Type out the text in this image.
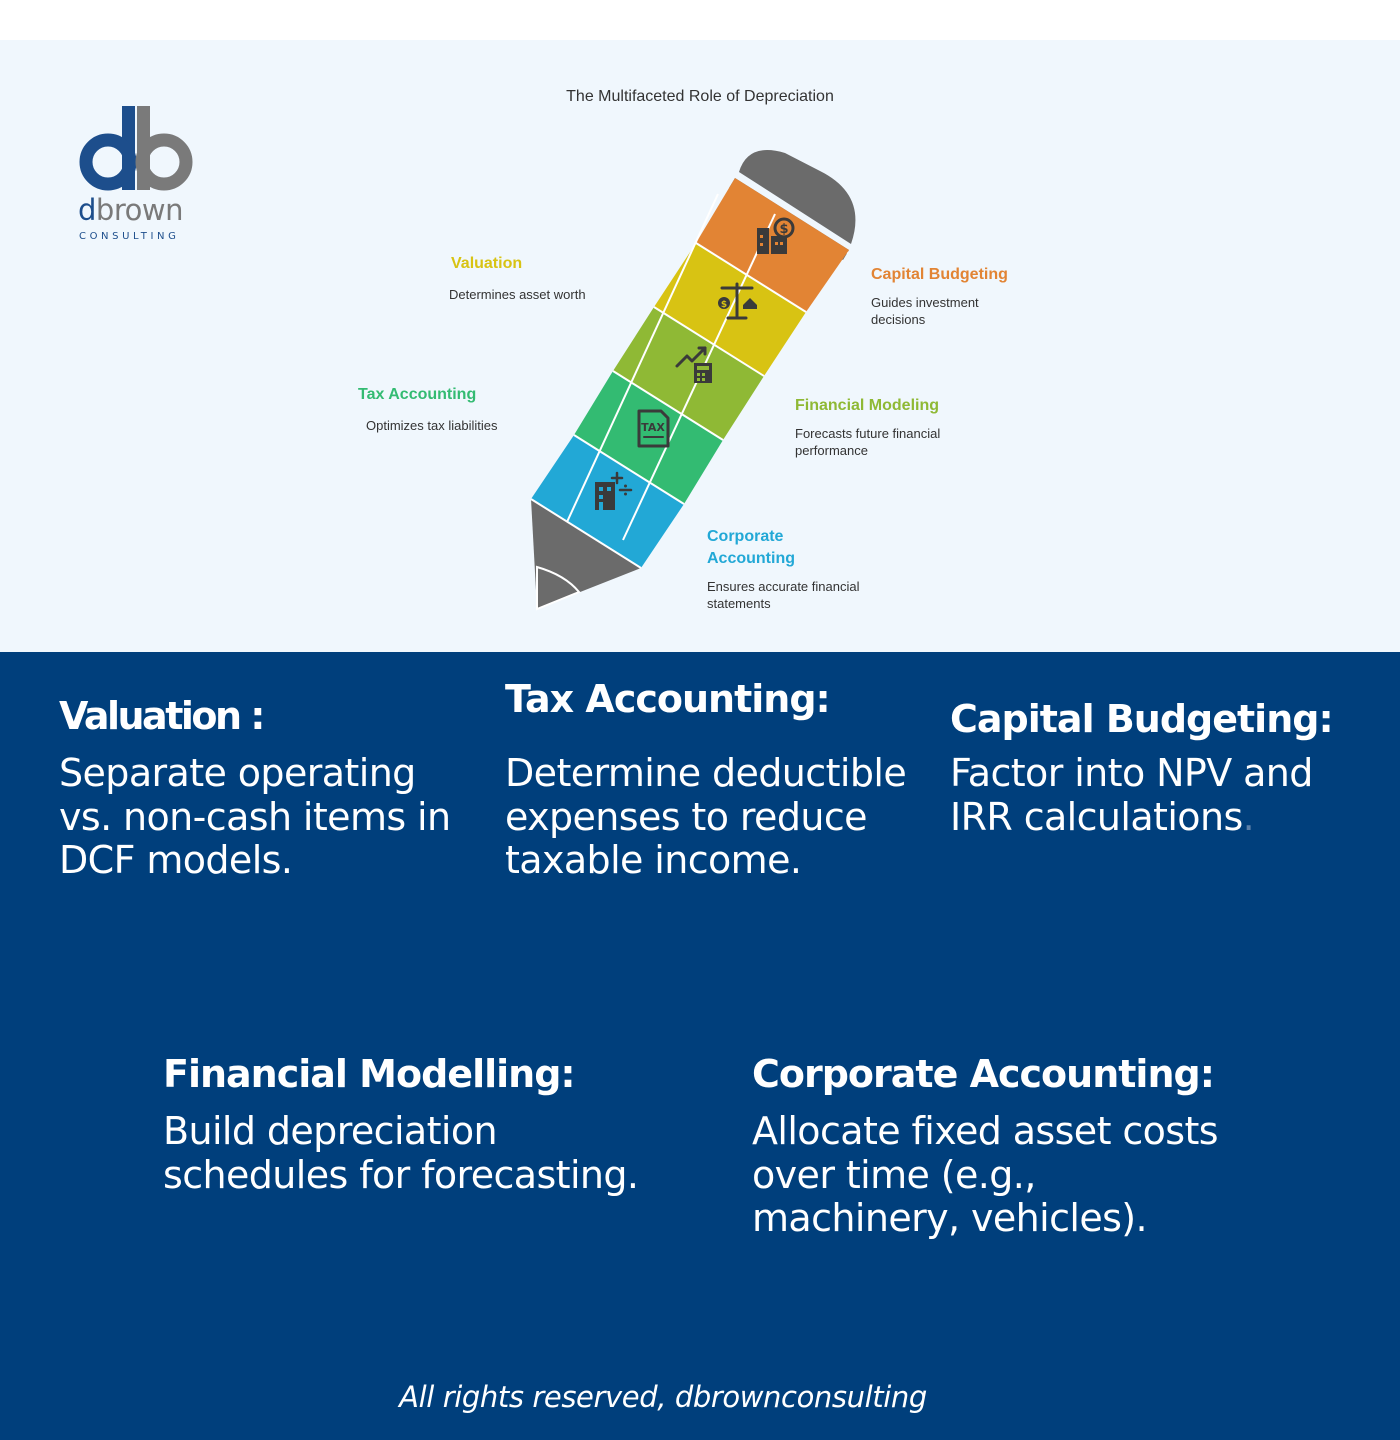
The Multifaceted Role of Depreciation
dbrown
CONSULTING	$
$
TAX
Valuation
Determines asset worth
Capital Budgeting
Guides investment decisions
Tax Accounting
Optimizes tax liabilities
Financial Modeling
Forecasts future financial performance
Corporate Accounting
Ensures accurate financial statements
Valuation :
Separate operating vs. non-cash items in DCF models.
Tax Accounting:
Determine deductible expenses to reduce taxable income.
Capital Budgeting:
Factor into NPV and IRR calculations.
Financial Modelling:
Build depreciation schedules for forecasting.
Corporate Accounting:
Allocate fixed asset costs over time (e.g., machinery, vehicles).
All rights reserved, dbrownconsulting
